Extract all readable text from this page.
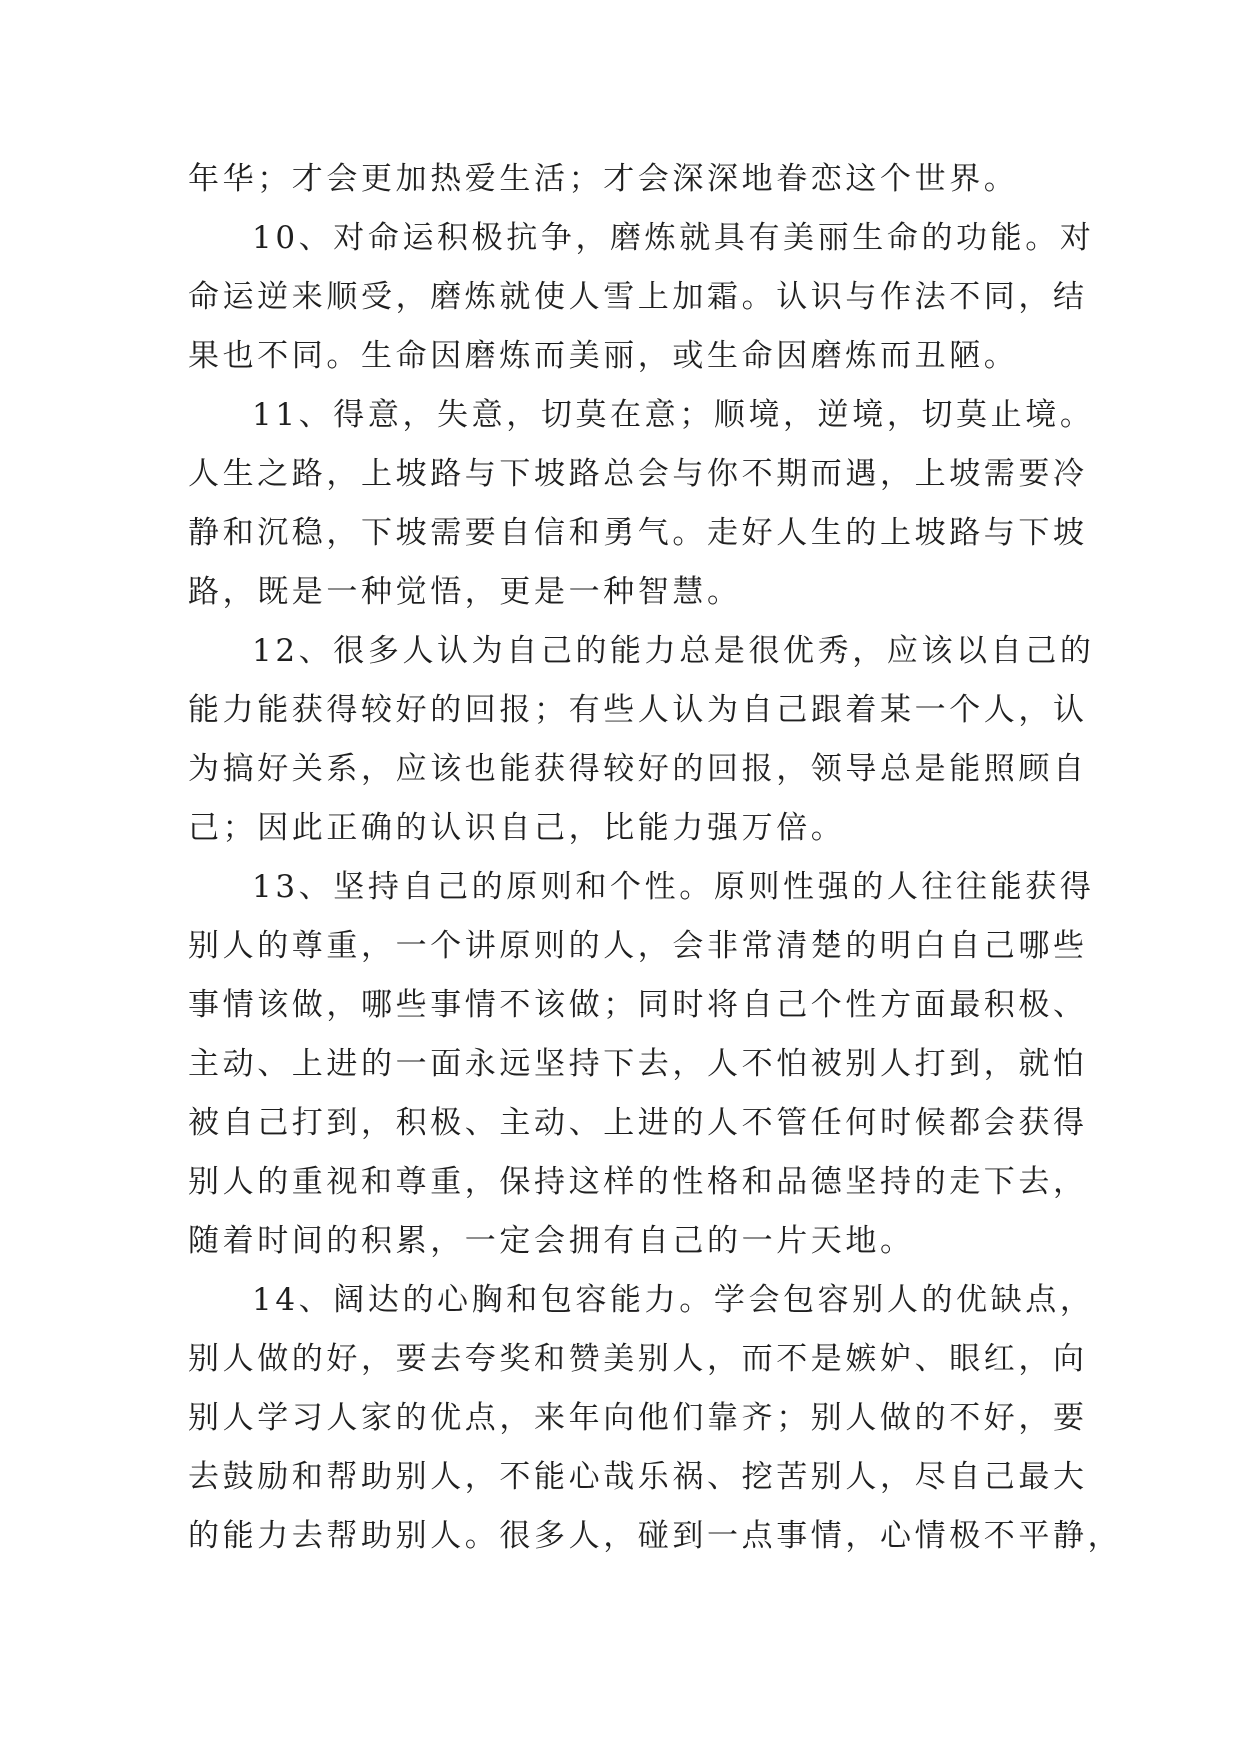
年华；才会更加热爱生活；才会深深地眷恋这个世界。
10、对命运积极抗争，磨炼就具有美丽生命的功能。对
命运逆来顺受，磨炼就使人雪上加霜。认识与作法不同，结
果也不同。生命因磨炼而美丽，或生命因磨炼而丑陋。
11、得意，失意，切莫在意；顺境，逆境，切莫止境。
人生之路，上坡路与下坡路总会与你不期而遇，上坡需要冷
静和沉稳，下坡需要自信和勇气。走好人生的上坡路与下坡
路，既是一种觉悟，更是一种智慧。
12、很多人认为自己的能力总是很优秀，应该以自己的
能力能获得较好的回报；有些人认为自己跟着某一个人，认
为搞好关系，应该也能获得较好的回报，领导总是能照顾自
己；因此正确的认识自己，比能力强万倍。
13、坚持自己的原则和个性。原则性强的人往往能获得
别人的尊重，一个讲原则的人，会非常清楚的明白自己哪些
事情该做，哪些事情不该做；同时将自己个性方面最积极、
主动、上进的一面永远坚持下去，人不怕被别人打到，就怕
被自己打到，积极、主动、上进的人不管任何时候都会获得
别人的重视和尊重，保持这样的性格和品德坚持的走下去，
随着时间的积累，一定会拥有自己的一片天地。
14、阔达的心胸和包容能力。学会包容别人的优缺点，
别人做的好，要去夸奖和赞美别人，而不是嫉妒、眼红，向
别人学习人家的优点，来年向他们靠齐；别人做的不好，要
去鼓励和帮助别人，不能心哉乐祸、挖苦别人，尽自己最大
的能力去帮助别人。很多人，碰到一点事情，心情极不平静，
